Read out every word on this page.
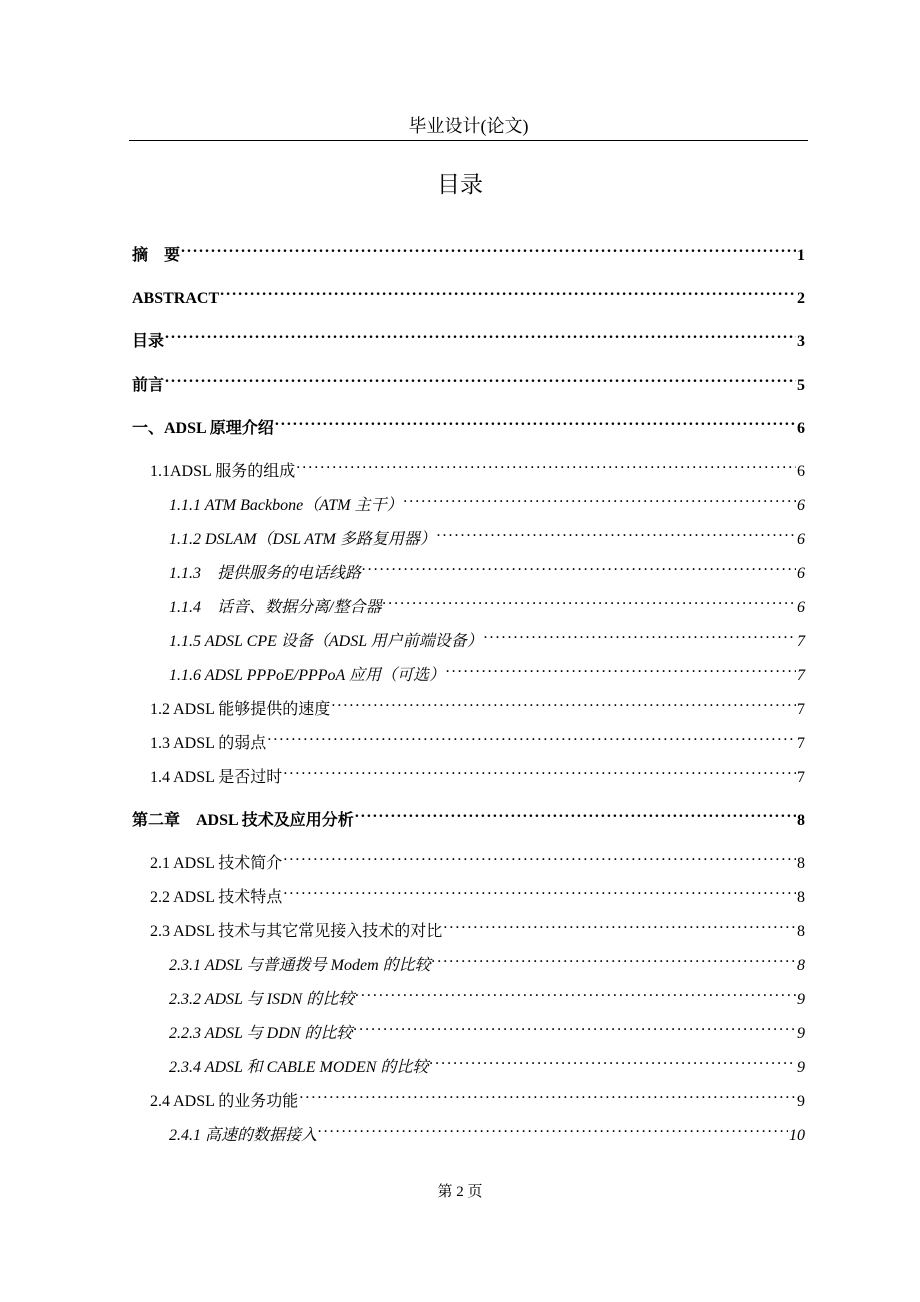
毕业设计(论文)
目录
摘　要 . . .	1
ABSTRACT . . .	2
目录 . . .	3
前言 . . .	5
一、ADSL 原理介绍 . . .	6
1.1ADSL 服务的组成 . . .	6
1.1.1 ATM Backbone（ATM 主干） . . .	6
1.1.2 DSLAM（DSL ATM 多路复用器） . . .	6
1.1.3　提供服务的电话线路 . . .	6
1.1.4　话音、数据分离/整合器 . . .	6
1.1.5 ADSL CPE 设备（ADSL 用户前端设备） . . .	7
1.1.6 ADSL PPPoE/PPPoA 应用（可选） . . .	7
1.2 ADSL 能够提供的速度 . . .	7
1.3 ADSL 的弱点 . . .	7
1.4 ADSL 是否过时 . . .	7
第二章　ADSL 技术及应用分析 . . .	8
2.1 ADSL 技术简介 . . .	8
2.2 ADSL 技术特点 . . .	8
2.3 ADSL 技术与其它常见接入技术的对比 . . .	8
2.3.1 ADSL 与普通拨号 Modem 的比较 . . .	8
2.3.2 ADSL 与 ISDN 的比较 . . .	9
2.2.3 ADSL 与 DDN 的比较 . . .	9
2.3.4 ADSL 和 CABLE MODEN 的比较 . . .	9
2.4 ADSL 的业务功能 . . .	9
2.4.1 高速的数据接入 . . .	10
第 2 页
